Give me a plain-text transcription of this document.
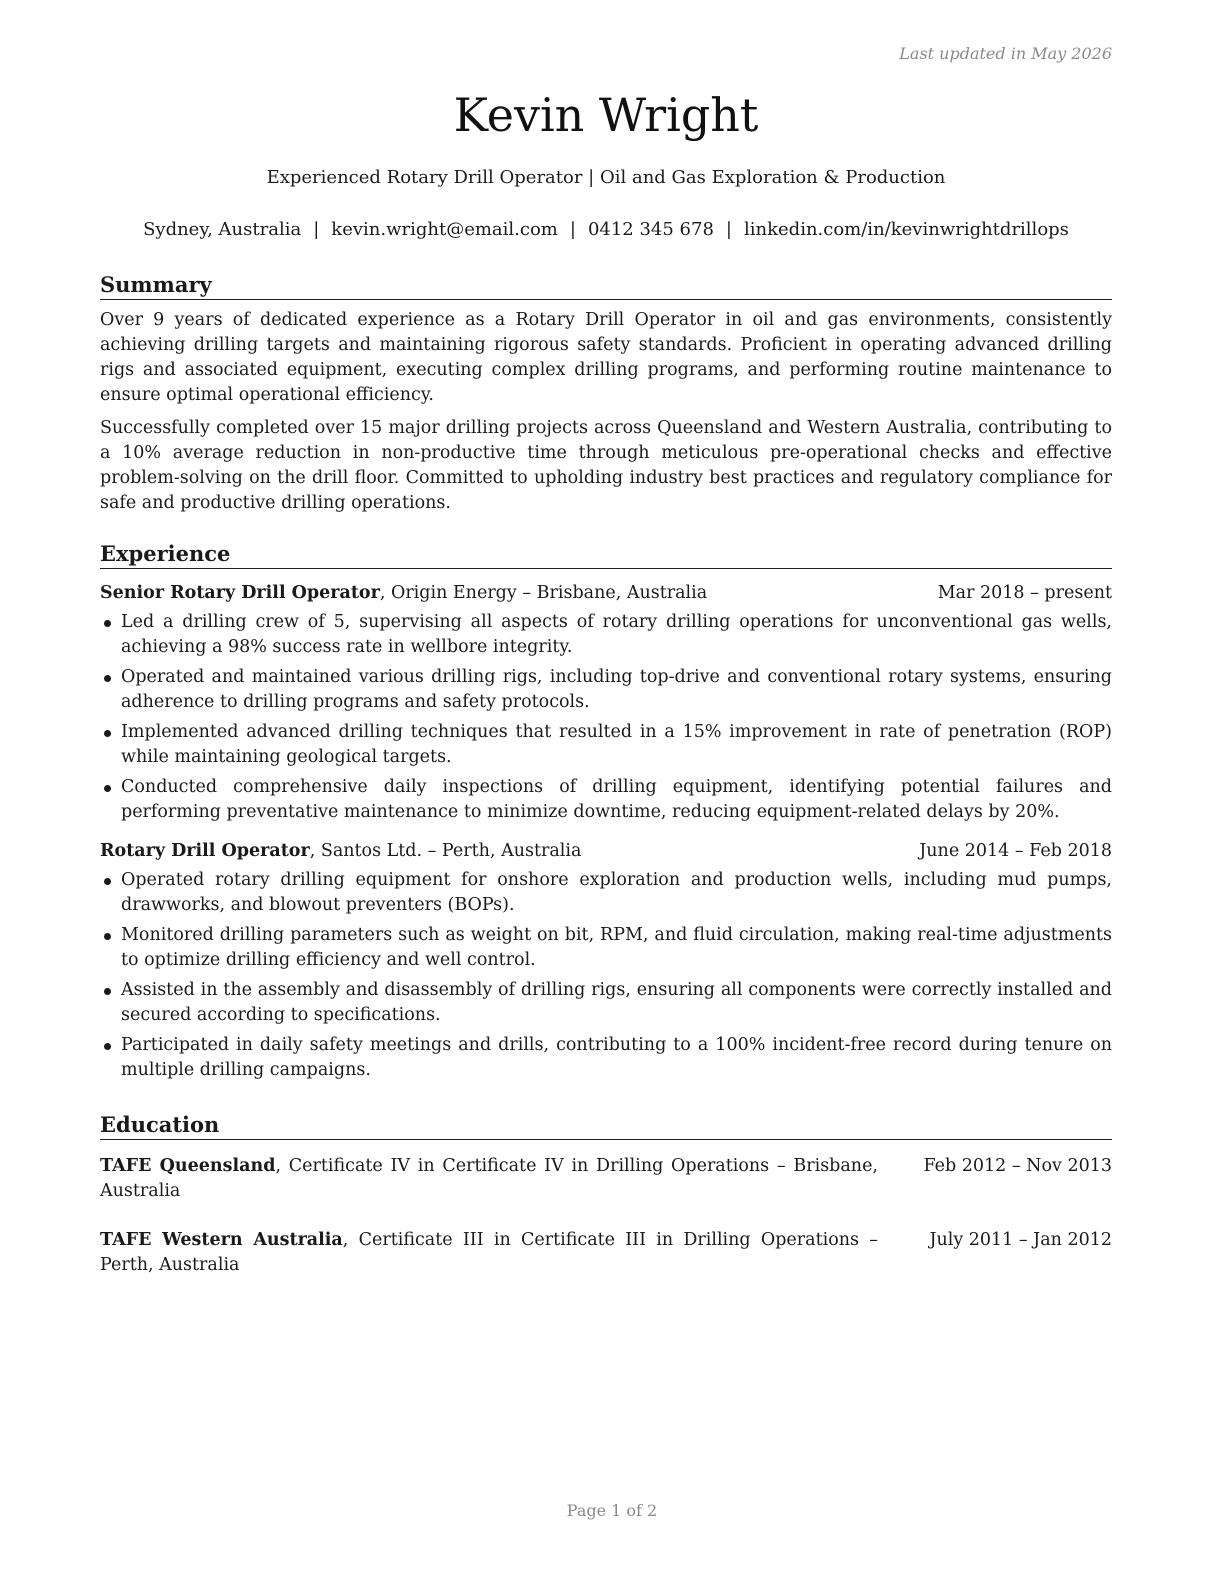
Last updated in May 2026
Kevin Wright
Experienced Rotary Drill Operator | Oil and Gas Exploration & Production
Sydney, Australia | kevin.wright@email.com | 0412 345 678 | linkedin.com/in/kevinwrightdrillops
Summary

Over 9 years of dedicated experience as a Rotary Drill Operator in oil and gas environments, consistently achieving drilling targets and maintaining rigorous safety standards. Proficient in operating advanced drilling rigs and associated equipment, executing complex drilling programs, and performing routine maintenance to ensure optimal operational efficiency.

Successfully completed over 15 major drilling projects across Queensland and Western Australia, contributing to a 10% average reduction in non-productive time through meticulous pre-operational checks and effective problem-solving on the drill floor. Committed to upholding industry best practices and regulatory compliance for safe and productive drilling operations.

Experience
Senior Rotary Drill Operator, Origin Energy – Brisbane, Australia	Mar 2018 – present
Led a drilling crew of 5, supervising all aspects of rotary drilling operations for unconventional gas wells, achieving a 98% success rate in wellbore integrity.
Operated and maintained various drilling rigs, including top-drive and conventional rotary systems, ensuring adherence to drilling programs and safety protocols.
Implemented advanced drilling techniques that resulted in a 15% improvement in rate of penetration (ROP) while maintaining geological targets.
Conducted comprehensive daily inspections of drilling equipment, identifying potential failures and performing preventative maintenance to minimize downtime, reducing equipment-related delays by 20%.
Rotary Drill Operator, Santos Ltd. – Perth, Australia	June 2014 – Feb 2018
Operated rotary drilling equipment for onshore exploration and production wells, including mud pumps, drawworks, and blowout preventers (BOPs).
Monitored drilling parameters such as weight on bit, RPM, and fluid circulation, making real-time adjustments to optimize drilling efficiency and well control.
Assisted in the assembly and disassembly of drilling rigs, ensuring all components were correctly installed and secured according to specifications.
Participated in daily safety meetings and drills, contributing to a 100% incident-free record during tenure on multiple drilling campaigns.
Education
TAFE Queensland, Certificate IV in Certificate IV in Drilling Operations – Brisbane, Australia
Feb 2012 – Nov 2013
TAFE Western Australia, Certificate III in Certificate III in Drilling Operations – Perth, Australia
July 2011 – Jan 2012
Page 1 of 2
